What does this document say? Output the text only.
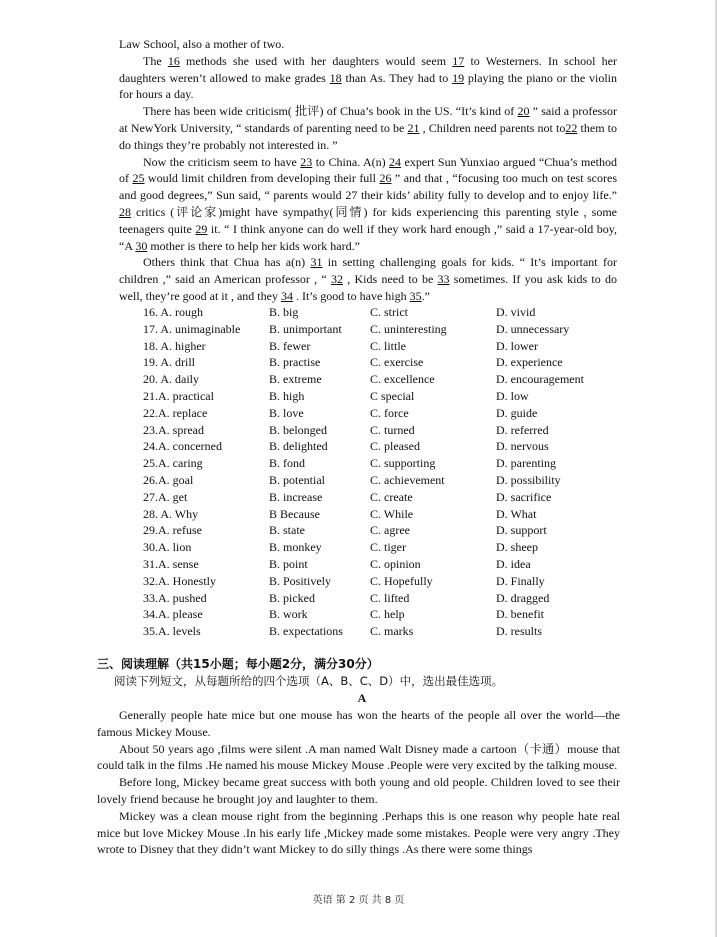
Law School, also a mother of two.

The 16 methods she used with her daughters would seem 17 to Westerners. In school her daughters weren’t allowed to make grades 18 than As. They had to 19 playing the piano or the violin for hours a day.

There has been wide criticism( 批评) of Chua’s book in the US. “It’s kind of 20 ” said a professor at NewYork University, “ standards of parenting need to be 21 , Children need parents not to22 them to do things they’re probably not interested in. ”

Now the criticism seem to have 23 to China. A(n) 24 expert Sun Yunxiao argued “Chua’s method of 25 would limit children from developing their full 26 ” and that , “focusing too much on test scores and good degrees,” Sun said, “ parents would 27 their kids’ ability fully to develop and to enjoy life.” 28 critics (评论家)might have sympathy(同情) for kids experiencing this parenting style , some teenagers quite 29 it. “ I think anyone can do well if they work hard enough ,” said a 17-year-old boy, “A 30 mother is there to help her kids work hard.”

Others think that Chua has a(n) 31 in setting challenging goals for kids. “ It’s important for children ,” said an American professor , “ 32 , Kids need to be 33 sometimes. If you ask kids to do well, they’re good at it , and they 34 . It’s good to have high 35.”

16. A. rough	B. big	C. strict	D. vivid
17. A. unimaginable	B. unimportant	C. uninteresting	D. unnecessary
18. A. higher	B. fewer	C. little	D. lower
19. A. drill	B. practise	C. exercise	D. experience
20. A. daily	B. extreme	C. excellence	D. encouragement
21.A. practical	B. high	C special	D. low
22.A. replace	B. love	C. force	D. guide
23.A. spread	B. belonged	C. turned	D. referred
24.A. concerned	B. delighted	C. pleased	D. nervous
25.A. caring	B. fond	C. supporting	D. parenting
26.A. goal	B. potential	C. achievement	D. possibility
27.A. get	B. increase	C. create	D. sacrifice
28. A. Why	B Because	C. While	D. What
29.A. refuse	B. state	C. agree	D. support
30.A. lion	B. monkey	C. tiger	D. sheep
31.A. sense	B. point	C. opinion	D. idea
32.A. Honestly	B. Positively	C. Hopefully	D. Finally
33.A. pushed	B. picked	C. lifted	D. dragged
34.A. please	B. work	C. help	D. benefit
35.A. levels	B. expectations	C. marks	D. results

三、阅读理解（共15小题；每小题2分，满分30分）

阅读下列短文，从每题所给的四个选项（A、B、C、D）中，选出最佳选项。

A

Generally people hate mice but one mouse has won the hearts of the people all over the world—the famous Mickey Mouse.

About 50 years ago ,films were silent .A man named Walt Disney made a cartoon（卡通）mouse that could talk in the films .He named his mouse Mickey Mouse .People were very excited by the talking mouse.

Before long, Mickey became great success with both young and old people. Children loved to see their lovely friend because he brought joy and laughter to them.

Mickey was a clean mouse right from the beginning .Perhaps this is one reason why people hate real mice but love Mickey Mouse .In his early life ,Mickey made some mistakes. People were very angry .They wrote to Disney that they didn’t want Mickey to do silly things .As there were some things

英语 第 2 页 共 8 页
